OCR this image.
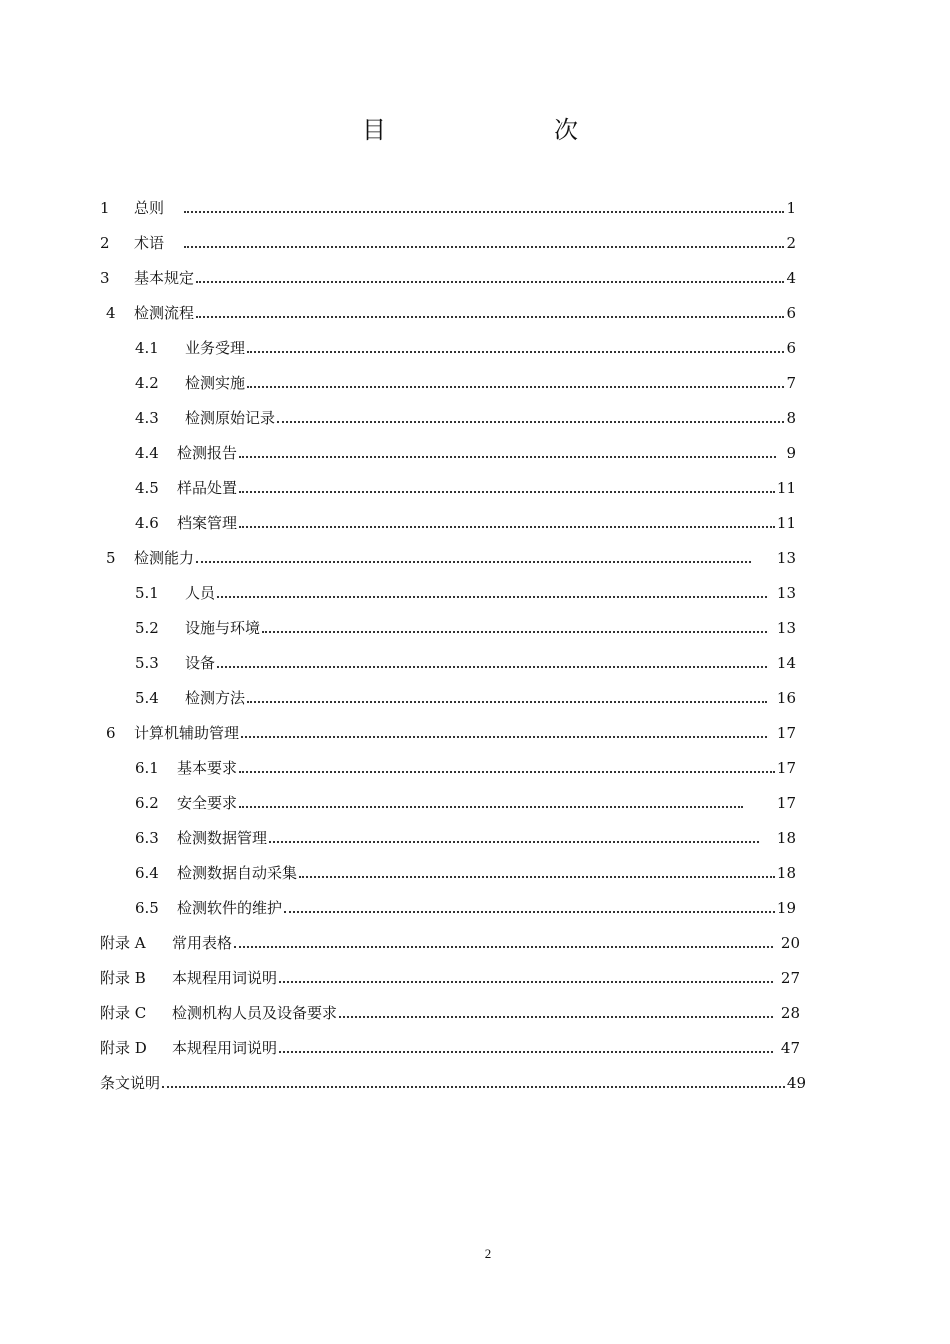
目　　次
1	总则	1
2	术语	2
3	基本规定	4
4	检测流程	6
4.1	业务受理	6
4.2	检测实施	7
4.3	检测原始记录	8
4.4	检测报告	9
4.5	样品处置	11
4.6	档案管理	11
5	检测能力	13
5.1	人员	13
5.2	设施与环境	13
5.3	设备	14
5.4	检测方法	16
6	计算机辅助管理	17
6.1	基本要求	17
6.2	安全要求	17
6.3	检测数据管理	18
6.4	检测数据自动采集	18
6.5	检测软件的维护	19
附录 A	常用表格	20
附录 B	本规程用词说明	27
附录 C	检测机构人员及设备要求	28
附录 D	本规程用词说明	47
条文说明	49
2
